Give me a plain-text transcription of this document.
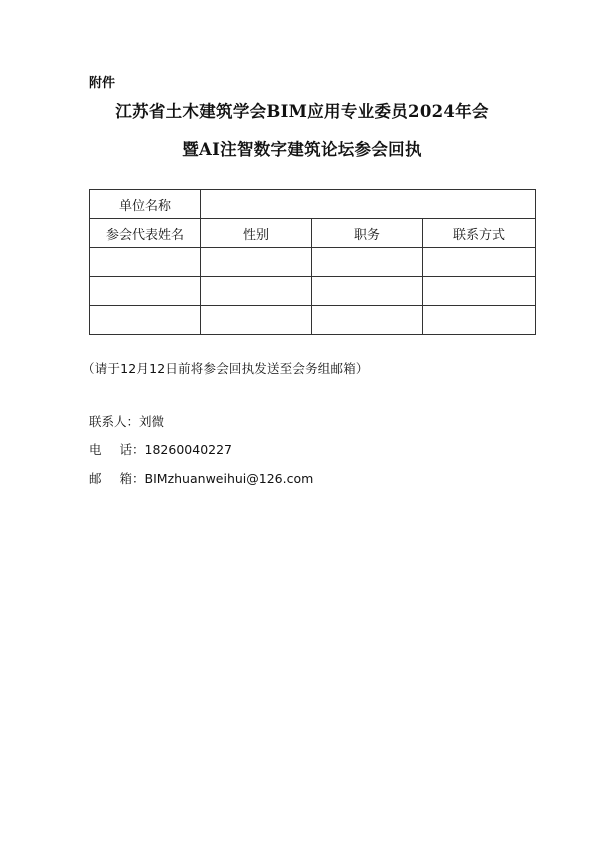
附件
江苏省土木建筑学会BIM应用专业委员2024年会
暨AI注智数字建筑论坛参会回执
单位名称			
参会代表姓名	性别	职务	联系方式

（请于12月12日前将参会回执发送至会务组邮箱）
联系人：刘微
电话：18260040227
邮箱：BIMzhuanweihui@126.com
